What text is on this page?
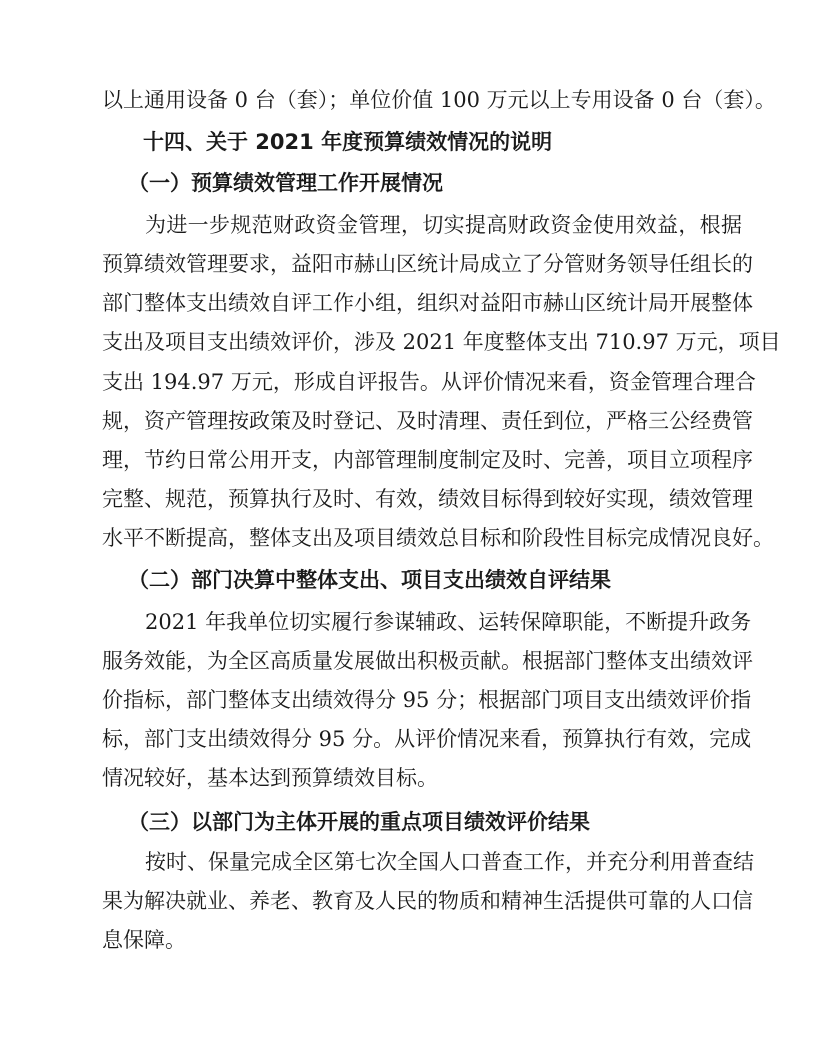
以上通用设备 0 台（套）；单位价值 100 万元以上专用设备 0 台（套）。
十四、关于 2021 年度预算绩效情况的说明
（一）预算绩效管理工作开展情况
为进一步规范财政资金管理，切实提高财政资金使用效益，根据
预算绩效管理要求，益阳市赫山区统计局成立了分管财务领导任组长的
部门整体支出绩效自评工作小组，组织对益阳市赫山区统计局开展整体
支出及项目支出绩效评价，涉及 2021 年度整体支出 710.97 万元，项目
支出 194.97 万元，形成自评报告。从评价情况来看，资金管理合理合
规，资产管理按政策及时登记、及时清理、责任到位，严格三公经费管
理，节约日常公用开支，内部管理制度制定及时、完善，项目立项程序
完整、规范，预算执行及时、有效，绩效目标得到较好实现，绩效管理
水平不断提高，整体支出及项目绩效总目标和阶段性目标完成情况良好。
（二）部门决算中整体支出、项目支出绩效自评结果
2021 年我单位切实履行参谋辅政、运转保障职能，不断提升政务
服务效能，为全区高质量发展做出积极贡献。根据部门整体支出绩效评
价指标，部门整体支出绩效得分 95 分；根据部门项目支出绩效评价指
标，部门支出绩效得分 95 分。从评价情况来看，预算执行有效，完成
情况较好，基本达到预算绩效目标。
（三）以部门为主体开展的重点项目绩效评价结果
按时、保量完成全区第七次全国人口普查工作，并充分利用普查结
果为解决就业、养老、教育及人民的物质和精神生活提供可靠的人口信
息保障。
